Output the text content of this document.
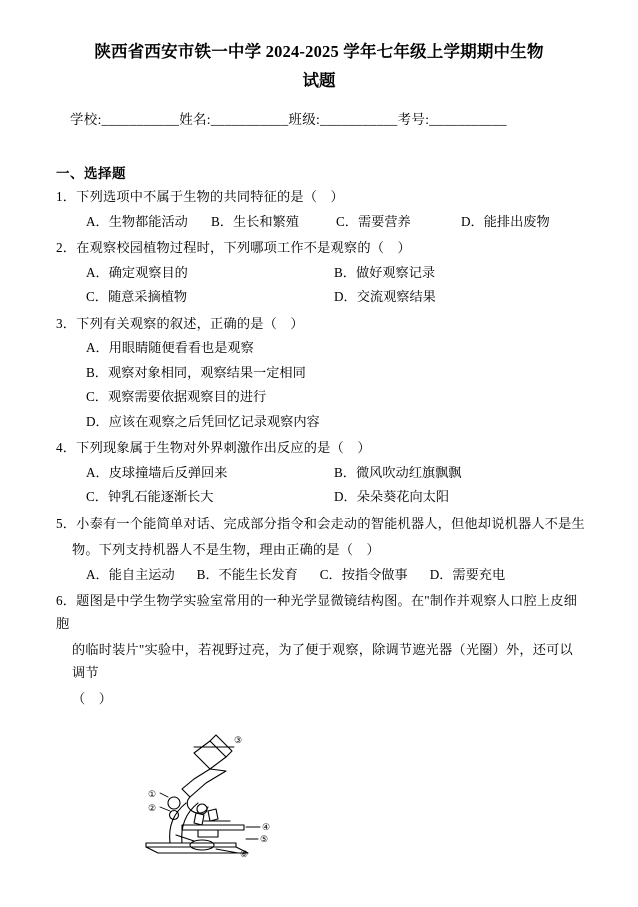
陕西省西安市铁一中学 2024-2025 学年七年级上学期期中生物
试题
学校:___________姓名:___________班级:___________考号:___________
一、选择题
1．下列选项中不属于生物的共同特征的是（　）
A．生物都能活动	B．生长和繁殖	C．需要营养	D．能排出废物
2．在观察校园植物过程时，下列哪项工作不是观察的（　）
A．确定观察目的	B．做好观察记录
C．随意采摘植物	D．交流观察结果
3．下列有关观察的叙述，正确的是（　）
A．用眼睛随便看看也是观察
B．观察对象相同，观察结果一定相同
C．观察需要依据观察目的进行
D．应该在观察之后凭回忆记录观察内容
4．下列现象属于生物对外界刺激作出反应的是（　）
A．皮球撞墙后反弹回来	B．微风吹动红旗飘飘
C．钟乳石能逐渐长大	D．朵朵葵花向太阳
5．小泰有一个能简单对话、完成部分指令和会走动的智能机器人，但他却说机器人不是生
物。下列支持机器人不是生物，理由正确的是（　）
A．能自主运动 B．不能生长发育 C．按指令做事 D．需要充电
6．题图是中学生物学实验室常用的一种光学显微镜结构图。在"制作并观察人口腔上皮细胞
的临时装片"实验中，若视野过亮，为了便于观察，除调节遮光器（光圈）外，还可以调节
（　）
③
①
②
④
⑤
⑥
